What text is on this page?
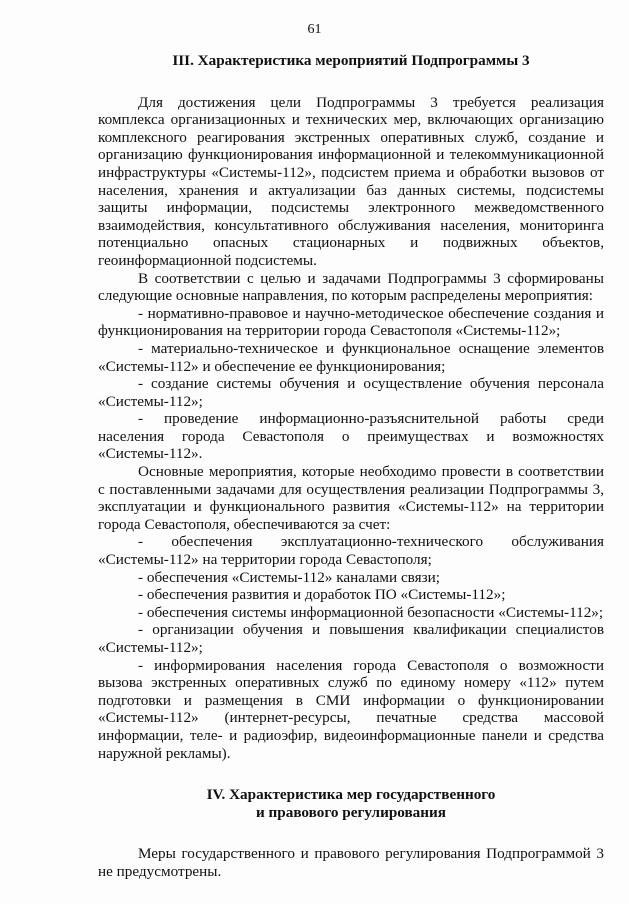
61
III. Характеристика мероприятий Подпрограммы 3

Для достижения цели Подпрограммы 3 требуется реализация комплекса организационных и технических мер, включающих организацию комплексного реагирования экстренных оперативных служб, создание и организацию функционирования информационной и телекоммуникационной инфраструктуры «Системы-112», подсистем приема и обработки вызовов от населения, хранения и актуализации баз данных системы, подсистемы защиты информации, подсистемы электронного межведомственного взаимодействия, консультативного обслуживания населения, мониторинга потенциально опасных стационарных и подвижных объектов, геоинформационной подсистемы.

В соответствии с целью и задачами Подпрограммы 3 сформированы следующие основные направления, по которым распределены мероприятия:

- нормативно-правовое и научно-методическое обеспечение создания и функционирования на территории города Севастополя «Системы-112»;

- материально-техническое и функциональное оснащение элементов «Системы-112» и обеспечение ее функционирования;

- создание системы обучения и осуществление обучения персонала «Системы-112»;

- проведение информационно-разъяснительной работы среди населения города Севастополя о преимуществах и возможностях «Системы-112».

Основные мероприятия, которые необходимо провести в соответствии с поставленными задачами для осуществления реализации Подпрограммы 3, эксплуатации и функционального развития «Системы-112» на территории города Севастополя, обеспечиваются за счет:

- обеспечения эксплуатационно-технического обслуживания «Системы-112» на территории города Севастополя;

- обеспечения «Системы-112» каналами связи;

- обеспечения развития и доработок ПО «Системы-112»;

- обеспечения системы информационной безопасности «Системы-112»;

- организации обучения и повышения квалификации специалистов «Системы-112»;

- информирования населения города Севастополя о возможности вызова экстренных оперативных служб по единому номеру «112» путем подготовки и размещения в СМИ информации о функционировании «Системы-112» (интернет-ресурсы, печатные средства массовой информации, теле- и радиоэфир, видеоинформационные панели и средства наружной рекламы).

IV. Характеристика мер государственного
и правового регулирования

Меры государственного и правового регулирования Подпрограммой 3 не предусмотрены.
